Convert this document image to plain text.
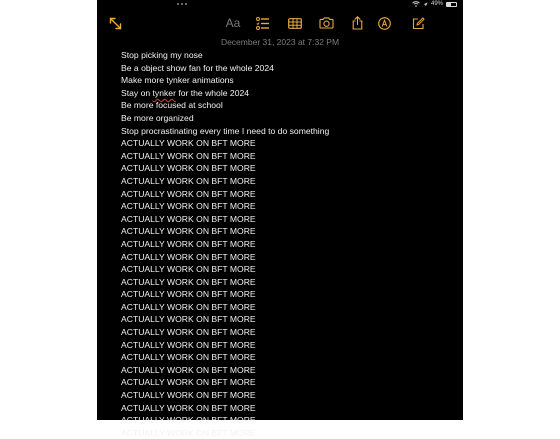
49%
Aa
December 31, 2023 at 7:32 PM
Stop picking my nose
Be a object show fan for the whole 2024
Make more tynker animations
Stay on tynker for the whole 2024
Be more focused at school
Be more organized
Stop procrastinating every time I need to do something
ACTUALLY WORK ON BFT MORE
ACTUALLY WORK ON BFT MORE
ACTUALLY WORK ON BFT MORE
ACTUALLY WORK ON BFT MORE
ACTUALLY WORK ON BFT MORE
ACTUALLY WORK ON BFT MORE
ACTUALLY WORK ON BFT MORE
ACTUALLY WORK ON BFT MORE
ACTUALLY WORK ON BFT MORE
ACTUALLY WORK ON BFT MORE
ACTUALLY WORK ON BFT MORE
ACTUALLY WORK ON BFT MORE
ACTUALLY WORK ON BFT MORE
ACTUALLY WORK ON BFT MORE
ACTUALLY WORK ON BFT MORE
ACTUALLY WORK ON BFT MORE
ACTUALLY WORK ON BFT MORE
ACTUALLY WORK ON BFT MORE
ACTUALLY WORK ON BFT MORE
ACTUALLY WORK ON BFT MORE
ACTUALLY WORK ON BFT MORE
ACTUALLY WORK ON BFT MORE
ACTUALLY WORK ON BFT MORE
ACTUALLY WORK ON BFT MORE
